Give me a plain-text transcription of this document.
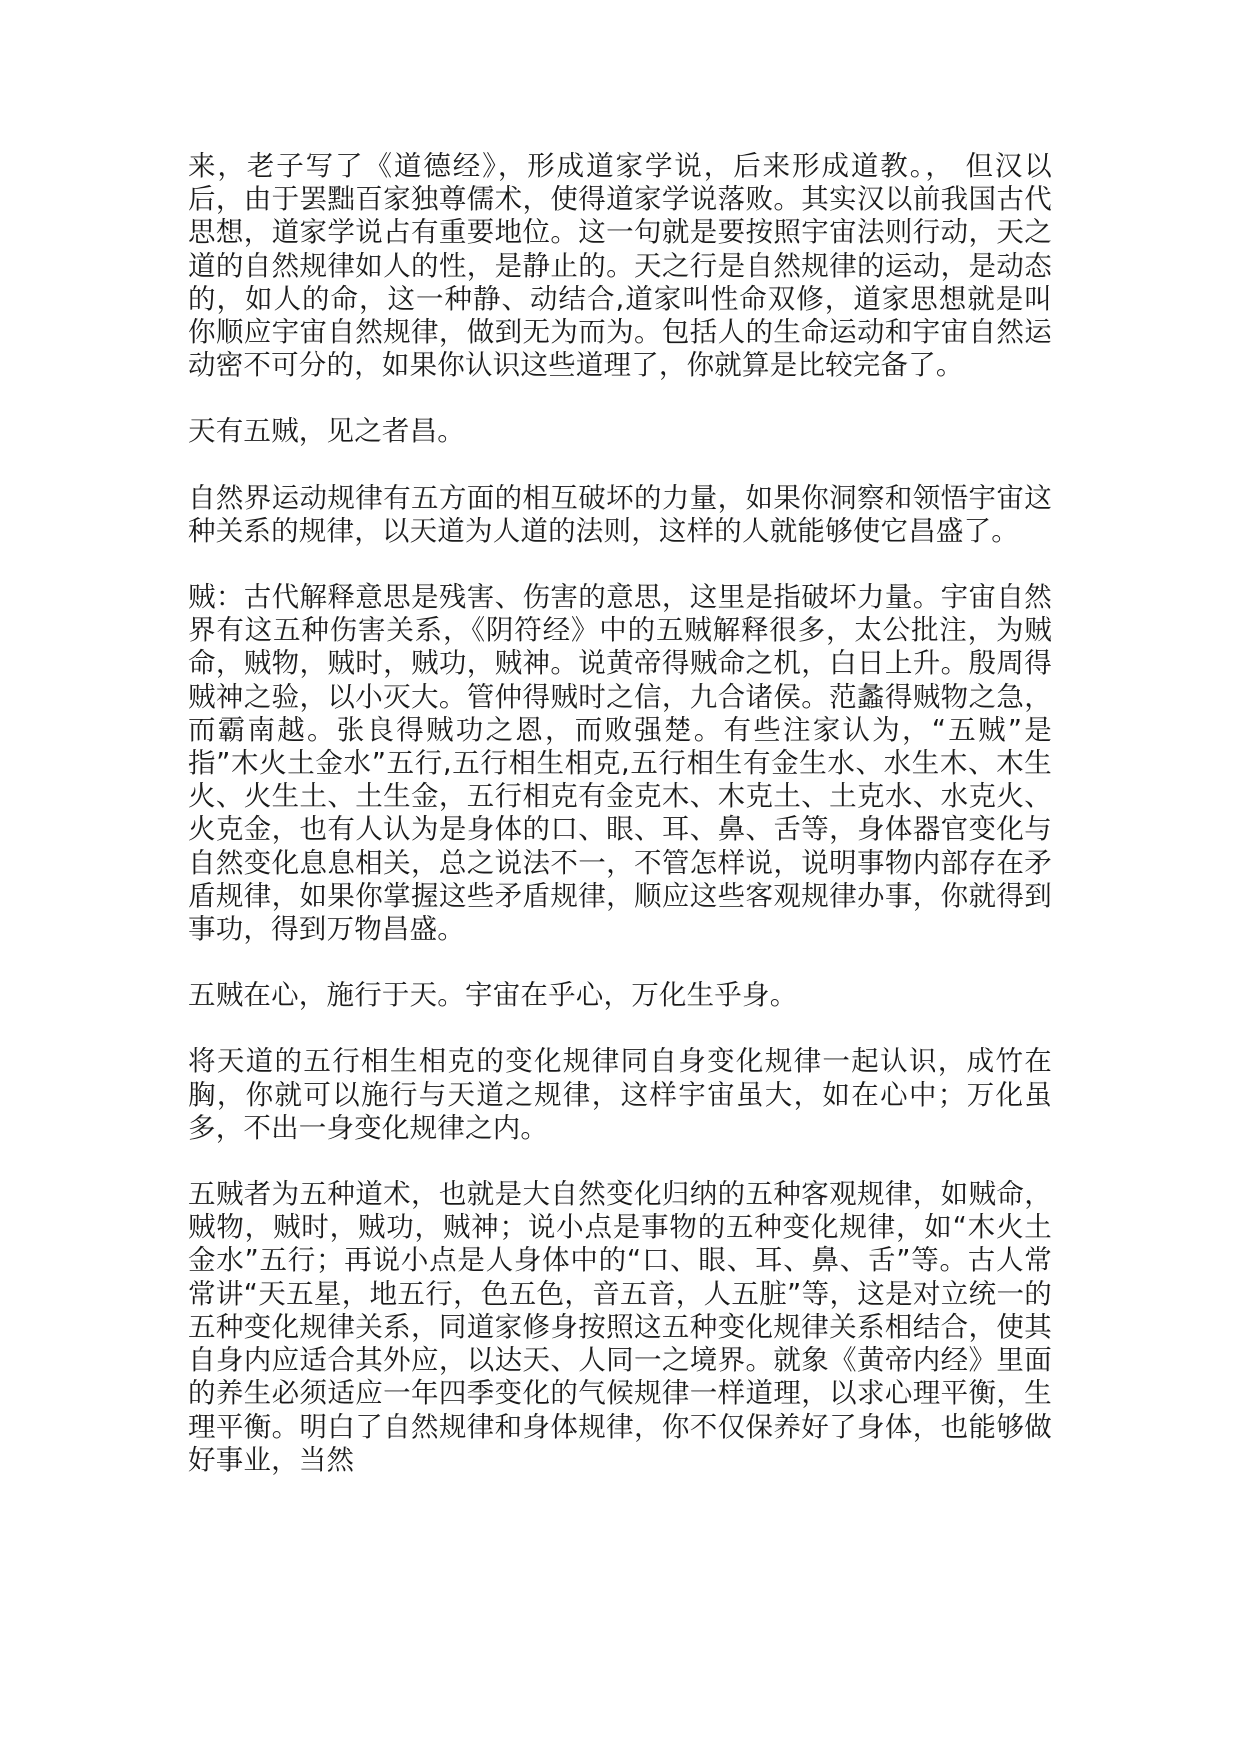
来，老子写了《道德经》，形成道家学说，后来形成道教。， 但汉以后，由于罢黜百家独尊儒术，使得道家学说落败。其实汉以前我国古代思想，道家学说占有重要地位。这一句就是要按照宇宙法则行动，天之道的自然规律如人的性，是静止的。天之行是自然规律的运动，是动态的，如人的命，这一种静、动结合,道家叫性命双修，道家思想就是叫你顺应宇宙自然规律，做到无为而为。包括人的生命运动和宇宙自然运动密不可分的，如果你认识这些道理了，你就算是比较完备了。

天有五贼，见之者昌。

自然界运动规律有五方面的相互破坏的力量，如果你洞察和领悟宇宙这种关系的规律，以天道为人道的法则，这样的人就能够使它昌盛了。

贼：古代解释意思是残害、伤害的意思，这里是指破坏力量。宇宙自然界有这五种伤害关系，《阴符经》中的五贼解释很多，太公批注，为贼命，贼物，贼时，贼功，贼神。说黄帝得贼命之机，白日上升。殷周得贼神之验，以小灭大。管仲得贼时之信，九合诸侯。范蠡得贼物之急，而霸南越。张良得贼功之恩，而败强楚。有些注家认为，“五贼”是指”木火土金水”五行,五行相生相克,五行相生有金生水、水生木、木生火、火生土、土生金，五行相克有金克木、木克土、土克水、水克火、火克金，也有人认为是身体的口、眼、耳、鼻、舌等，身体器官变化与自然变化息息相关，总之说法不一，不管怎样说，说明事物内部存在矛盾规律，如果你掌握这些矛盾规律，顺应这些客观规律办事，你就得到事功，得到万物昌盛。

五贼在心，施行于天。宇宙在乎心，万化生乎身。

将天道的五行相生相克的变化规律同自身变化规律一起认识，成竹在胸，你就可以施行与天道之规律，这样宇宙虽大，如在心中；万化虽多，不出一身变化规律之内。

五贼者为五种道术，也就是大自然变化归纳的五种客观规律，如贼命，贼物，贼时，贼功，贼神；说小点是事物的五种变化规律，如“木火土金水”五行；再说小点是人身体中的“口、眼、耳、鼻、舌”等。古人常常讲“天五星，地五行，色五色，音五音，人五脏”等，这是对立统一的五种变化规律关系，同道家修身按照这五种变化规律关系相结合，使其自身内应适合其外应，以达天、人同一之境界。就象《黄帝内经》里面的养生必须适应一年四季变化的气候规律一样道理，以求心理平衡，生理平衡。明白了自然规律和身体规律，你不仅保养好了身体，也能够做好事业，当然
